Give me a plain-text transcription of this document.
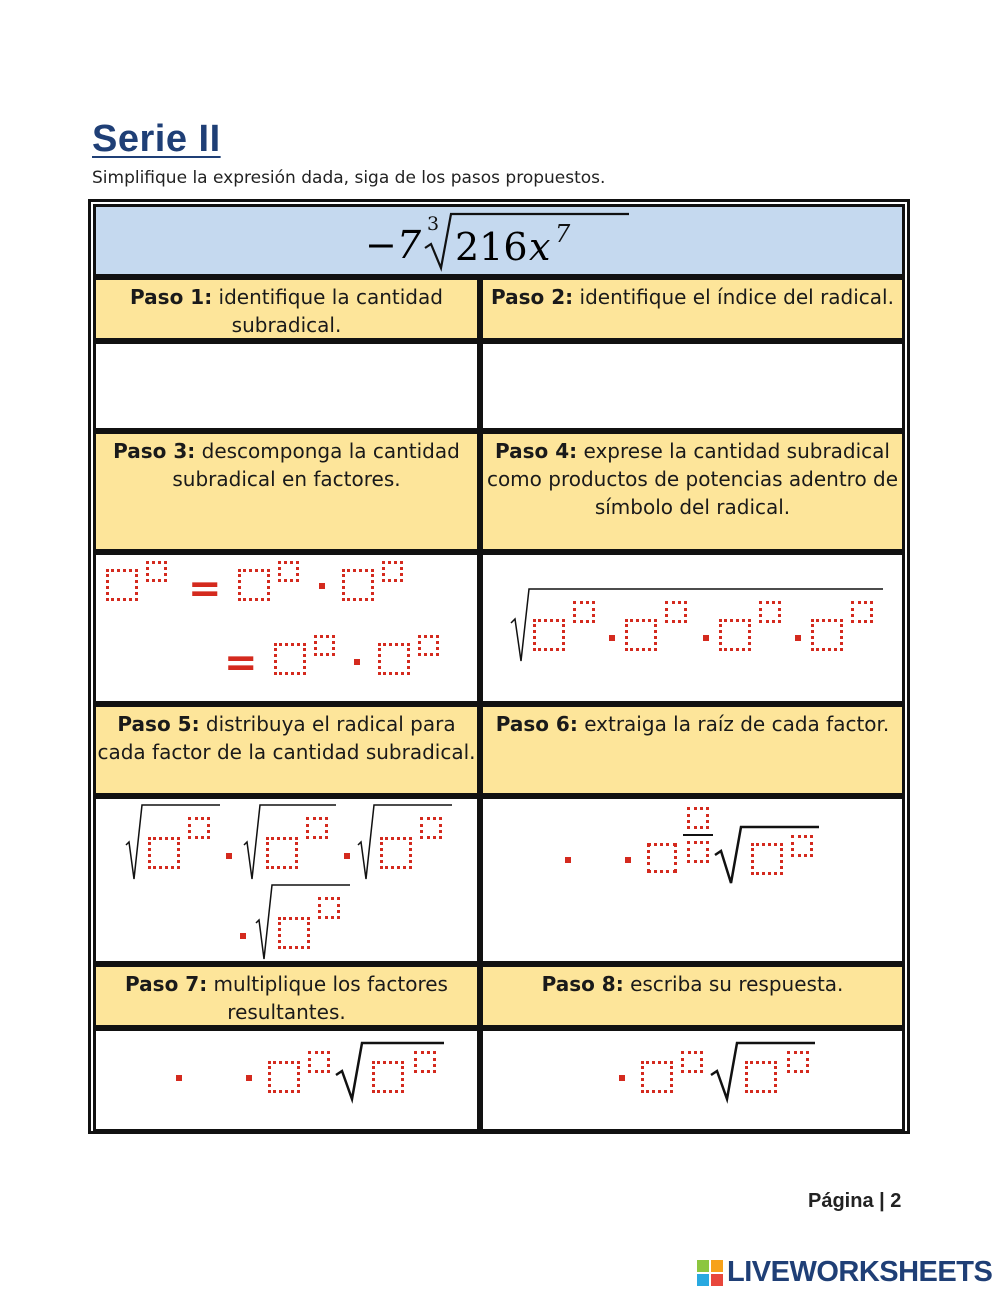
Serie II
Simplifique la expresión dada, siga de los pasos propuestos.
−7 3
216 x 7
Paso 1: identifique la cantidad subradical.
Paso 2: identifique el índice del radical.
Paso 3: descomponga la cantidad subradical en factores.
Paso 4: exprese la cantidad subradical como productos de potencias adentro de símbolo del radical.
=
=
Paso 5: distribuya el radical para cada factor de la cantidad subradical.
Paso 6: extraiga la raíz de cada factor.
Paso 7: multiplique los factores resultantes.
Paso 8: escriba su respuesta.
Página | 2
LIVEWORKSHEETS
